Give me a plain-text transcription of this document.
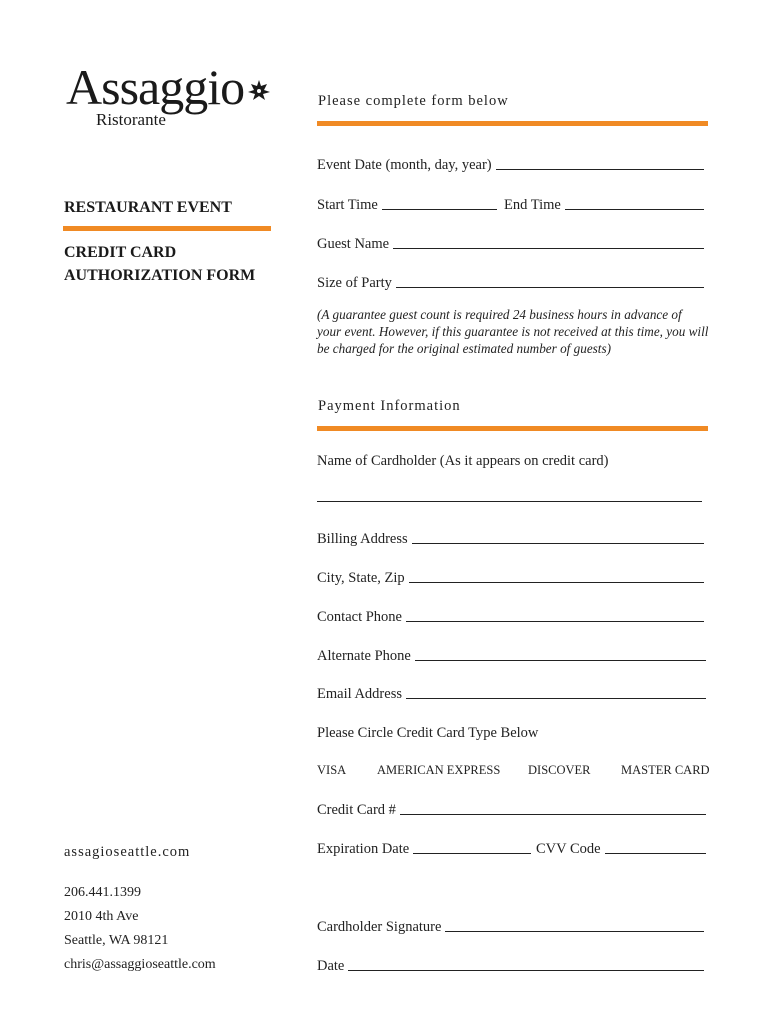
Assaggio
Ristorante
RESTAURANT EVENT
CREDIT CARD
AUTHORIZATION FORM
Please complete form below
Event Date (month, day, year)
Start Time	End Time
Guest Name
Size of Party
(A guarantee guest count is required 24 business hours in advance of your event. However, if this guarantee is not received at this time, you will be charged for the original estimated number of guests)
Payment Information
Name of Cardholder (As it appears on credit card)
Billing Address
City, State, Zip
Contact Phone
Alternate Phone
Email Address
Please Circle Credit Card Type Below
VISA AMERICAN EXPRESS DISCOVER MASTER CARD
Credit Card #
Expiration Date	CVV Code
Cardholder Signature
Date
assagioseattle.com
206.441.1399
2010 4th Ave
Seattle, WA 98121
chris@assaggioseattle.com
